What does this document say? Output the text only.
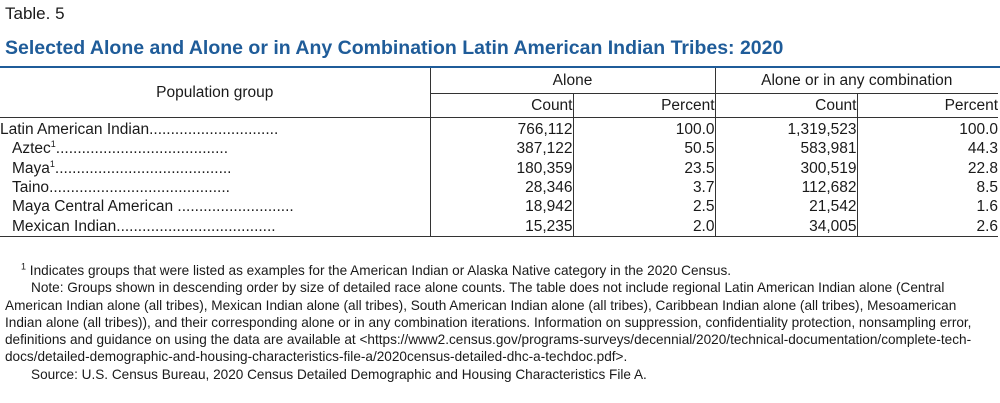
Table. 5
Selected Alone and Alone or in Any Combination Latin American Indian Tribes: 2020
Population group	Alone		Alone or in any combination	
	Count	Percent	Count	Percent
Latin American Indian..............................	766,112	100.0	1,319,523	100.0
Aztec$^1$........................................	387,122	50.5	583,981	44.3
Maya$^1$.........................................	180,359	23.5	300,519	22.8
Taino..........................................	28,346	3.7	112,682	8.5
Maya Central American ...........................	18,942	2.5	21,542	1.6
Mexican Indian.....................................	15,235	2.0	34,005	2.6

$^1$ Indicates groups that were listed as examples for the American Indian or Alaska Native category in the 2020 Census.

Note: Groups shown in descending order by size of detailed race alone counts. The table does not include regional Latin American Indian alone (Central American Indian alone (all tribes), Mexican Indian alone (all tribes), South American Indian alone (all tribes), Caribbean Indian alone (all tribes), Mesoamerican Indian alone (all tribes)), and their corresponding alone or in any combination iterations. Information on suppression, confidentiality protection, nonsampling error, definitions and guidance on using the data are available at <https://www2.census.gov/programs-surveys/decennial/2020/technical-documentation/complete-tech-docs/detailed-demographic-and-housing-characteristics-file-a/2020census-detailed-dhc-a-techdoc.pdf>.

Source: U.S. Census Bureau, 2020 Census Detailed Demographic and Housing Characteristics File A.
